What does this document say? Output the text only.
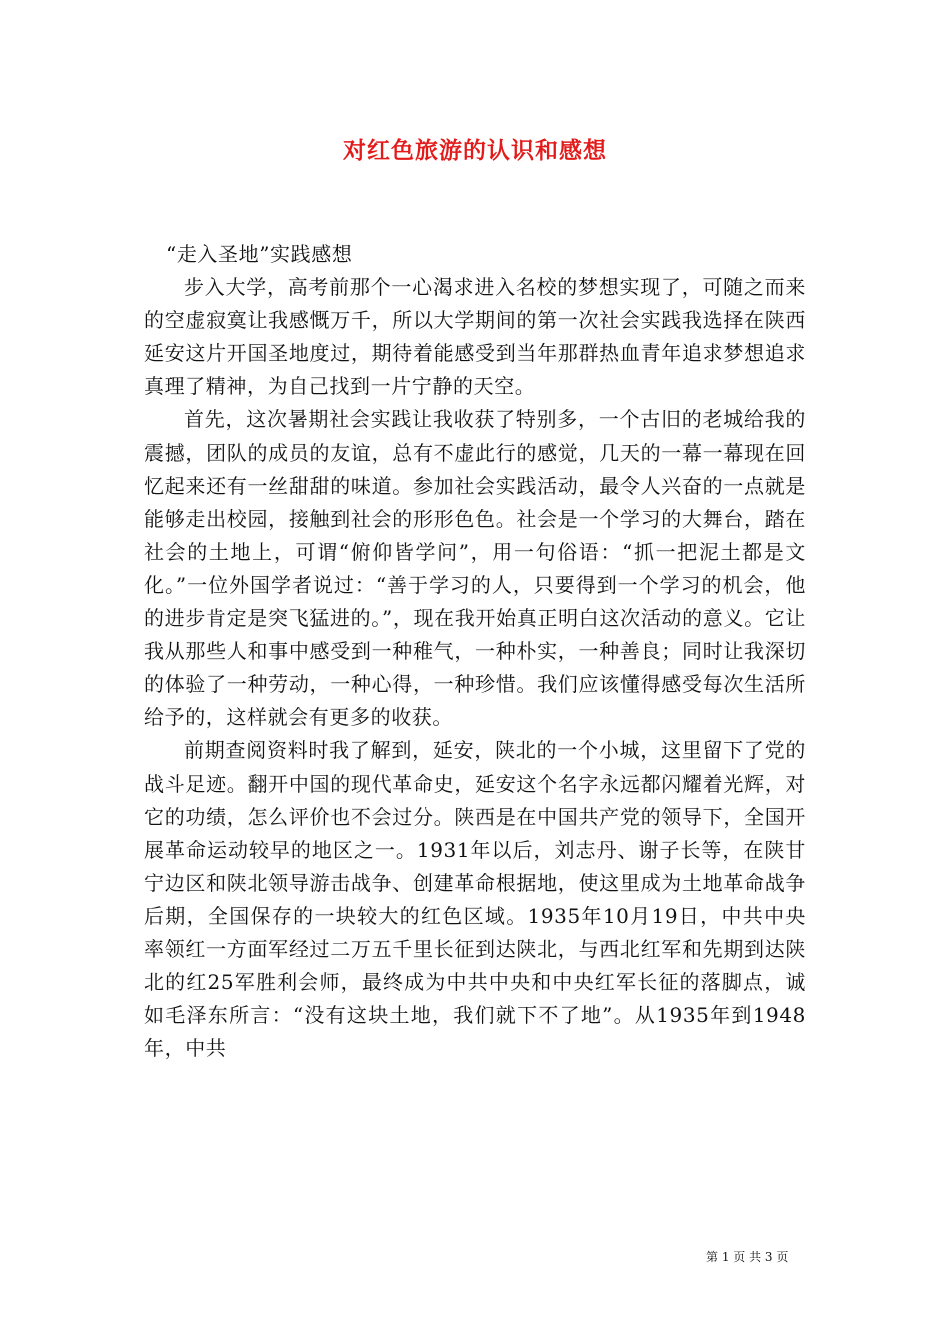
对红色旅游的认识和感想

“走入圣地”实践感想

步入大学，高考前那个一心渴求进入名校的梦想实现了，可随之而来的空虚寂寞让我感慨万千，所以大学期间的第一次社会实践我选择在陕西延安这片开国圣地度过，期待着能感受到当年那群热血青年追求梦想追求真理了精神，为自己找到一片宁静的天空。

首先，这次暑期社会实践让我收获了特别多，一个古旧的老城给我的震撼，团队的成员的友谊，总有不虚此行的感觉，几天的一幕一幕现在回忆起来还有一丝甜甜的味道。参加社会实践活动，最令人兴奋的一点就是能够走出校园，接触到社会的形形色色。社会是一个学习的大舞台，踏在社会的土地上，可谓“俯仰皆学问”，用一句俗语：“抓一把泥土都是文化。”一位外国学者说过：“善于学习的人，只要得到一个学习的机会，他的进步肯定是突飞猛进的。”，现在我开始真正明白这次活动的意义。它让我从那些人和事中感受到一种稚气，一种朴实，一种善良；同时让我深切的体验了一种劳动，一种心得，一种珍惜。我们应该懂得感受每次生活所给予的，这样就会有更多的收获。

前期查阅资料时我了解到，延安，陕北的一个小城，这里留下了党的战斗足迹。翻开中国的现代革命史，延安这个名字永远都闪耀着光辉，对它的功绩，怎么评价也不会过分。陕西是在中国共产党的领导下，全国开展革命运动较早的地区之一。1931年以后，刘志丹、谢子长等，在陕甘宁边区和陕北领导游击战争、创建革命根据地，使这里成为土地革命战争后期，全国保存的一块较大的红色区域。1935年10月19日，中共中央率领红一方面军经过二万五千里长征到达陕北，与西北红军和先期到达陕北的红25军胜利会师，最终成为中共中央和中央红军长征的落脚点，诚如毛泽东所言：“没有这块土地，我们就下不了地”。从1935年到1948年，中共

第 1 页 共 3 页
